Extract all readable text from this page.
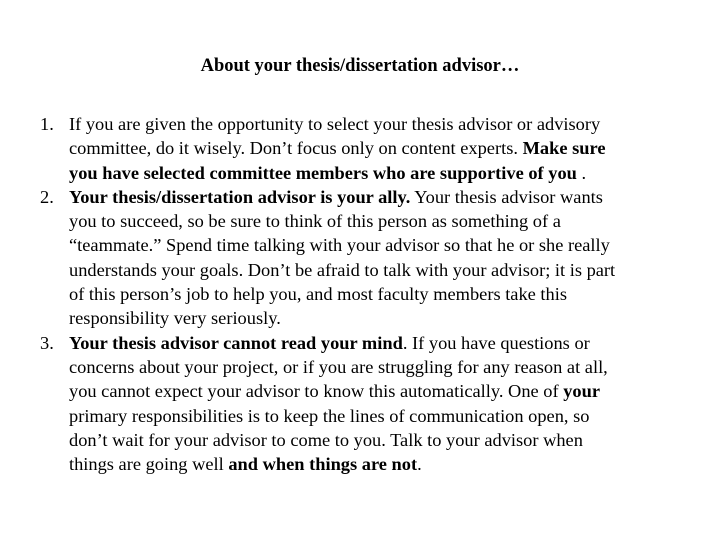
About your thesis/dissertation advisor…
1. If you are given the opportunity to select your thesis advisor or advisory
committee, do it wisely. Don’t focus only on content experts. Make sure
you have selected committee members who are supportive of you .
2. Your thesis/dissertation advisor is your ally. Your thesis advisor wants
you to succeed, so be sure to think of this person as something of a
“teammate.” Spend time talking with your advisor so that he or she really
understands your goals. Don’t be afraid to talk with your advisor; it is part
of this person’s job to help you, and most faculty members take this
responsibility very seriously.
3. Your thesis advisor cannot read your mind. If you have questions or
concerns about your project, or if you are struggling for any reason at all,
you cannot expect your advisor to know this automatically. One of your
primary responsibilities is to keep the lines of communication open, so
don’t wait for your advisor to come to you. Talk to your advisor when
things are going well and when things are not.
